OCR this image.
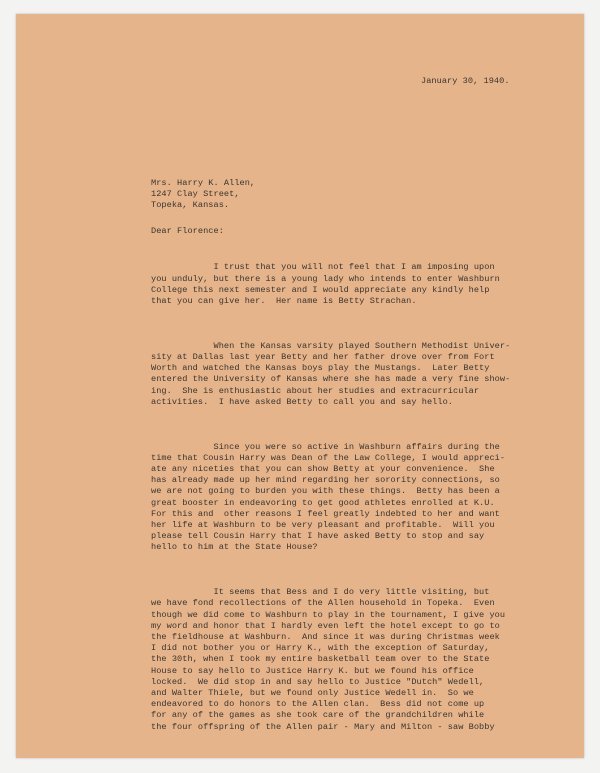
January 30, 1940.
Mrs. Harry K. Allen,
1247 Clay Street,
Topeka, Kansas.
Dear Florence:

I trust that you will not feel that I am imposing upon
you unduly, but there is a young lady who intends to enter Washburn
College this next semester and I would appreciate any kindly help
that you can give her.  Her name is Betty Strachan.

When the Kansas varsity played Southern Methodist Univer-
sity at Dallas last year Betty and her father drove over from Fort
Worth and watched the Kansas boys play the Mustangs.  Later Betty
entered the University of Kansas where she has made a very fine show-
ing.  She is enthusiastic about her studies and extracurricular
activities.  I have asked Betty to call you and say hello.

Since you were so active in Washburn affairs during the
time that Cousin Harry was Dean of the Law College, I would appreci-
ate any niceties that you can show Betty at your convenience.  She
has already made up her mind regarding her sorority connections, so
we are not going to burden you with these things.  Betty has been a
great booster in endeavoring to get good athletes enrolled at K.U.
For this and  other reasons I feel greatly indebted to her and want
her life at Washburn to be very pleasant and profitable.  Will you
please tell Cousin Harry that I have asked Betty to stop and say
hello to him at the State House?

It seems that Bess and I do very little visiting, but
we have fond recollections of the Allen household in Topeka.  Even
though we did come to Washburn to play in the tournament, I give you
my word and honor that I hardly even left the hotel except to go to
the fieldhouse at Washburn.  And since it was during Christmas week
I did not bother you or Harry K., with the exception of Saturday,
the 30th, when I took my entire basketball team over to the State
House to say hello to Justice Harry K. but we found his office
locked.  We did stop in and say hello to Justice "Dutch" Wedell,
and Walter Thiele, but we found only Justice Wedell in.  So we
endeavored to do honors to the Allen clan.  Bess did not come up
for any of the games as she took care of the grandchildren while
the four offspring of the Allen pair - Mary and Milton - saw Bobby
